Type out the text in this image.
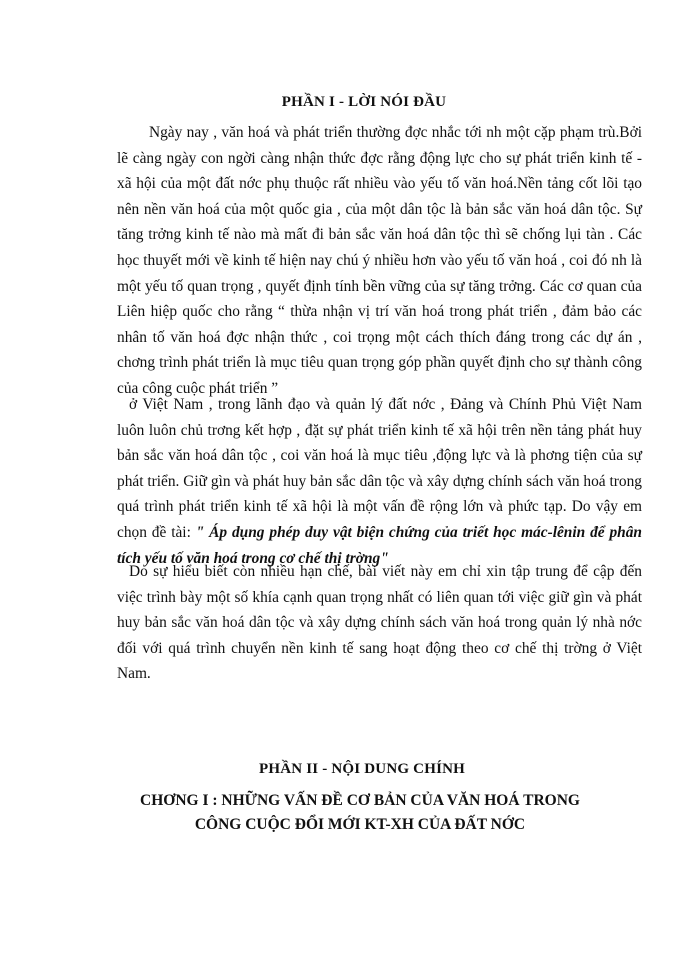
PHẦN I - LỜI NÓI ĐẦU

Ngày nay , văn hoá và phát triển thường đợc nhắc tới nh một cặp phạm trù.Bởi lẽ càng ngày con ngời càng nhận thức đợc rằng động lực cho sự phát triển kinh tế -xã hội của một đất nớc phụ thuộc rất nhiều vào yếu tố văn hoá.Nền tảng cốt lõi tạo nên nền văn hoá của một quốc gia , của một dân tộc là bản sắc văn hoá dân tộc. Sự tăng trởng kinh tế nào mà mất đi bản sắc văn hoá dân tộc thì sẽ chống lụi tàn . Các học thuyết mới về kinh tế hiện nay chú ý nhiều hơn vào yếu tố văn hoá , coi đó nh là một yếu tố quan trọng , quyết định tính bền vững của sự tăng trởng. Các cơ quan của Liên hiệp quốc cho rằng “ thừa nhận vị trí văn hoá trong phát triển , đảm bảo các nhân tố văn hoá đợc nhận thức , coi trọng một cách thích đáng trong các dự án , chơng trình phát triển là mục tiêu quan trọng góp phần quyết định cho sự thành công của công cuộc phát triển ”

ở Việt Nam , trong lãnh đạo và quản lý đất nớc , Đảng và Chính Phủ Việt Nam luôn luôn chủ trơng kết hợp , đặt sự phát triển kinh tế xã hội trên nền tảng phát huy bản sắc văn hoá dân tộc , coi văn hoá là mục tiêu ,động lực và là phơng tiện của sự phát triển. Giữ gìn và phát huy bản sắc dân tộc và xây dựng chính sách văn hoá trong quá trình phát triển kinh tế xã hội là một vấn đề rộng lớn và phức tạp. Do vậy em chọn đề tài: " Áp dụng phép duy vật biện chứng của triết học mác-lênin để phân tích yếu tố văn hoá trong cơ chế thị trờng"

Do sự hiểu biết còn nhiều hạn chế, bài viết này em chỉ xin tập trung để cập đến việc trình bày một số khía cạnh quan trọng nhất có liên quan tới việc giữ gìn và phát huy bản sắc văn hoá dân tộc và xây dựng chính sách văn hoá trong quản lý nhà nớc đối với quá trình chuyển nền kinh tế sang hoạt động theo cơ chế thị trờng ở Việt Nam.

PHẦN II - NỘI DUNG CHÍNH
CHƠNG I : NHỮNG VẤN ĐỀ CƠ BẢN CỦA VĂN HOÁ TRONG
CÔNG CUỘC ĐỔI MỚI KT-XH CỦA ĐẤT NỚC
